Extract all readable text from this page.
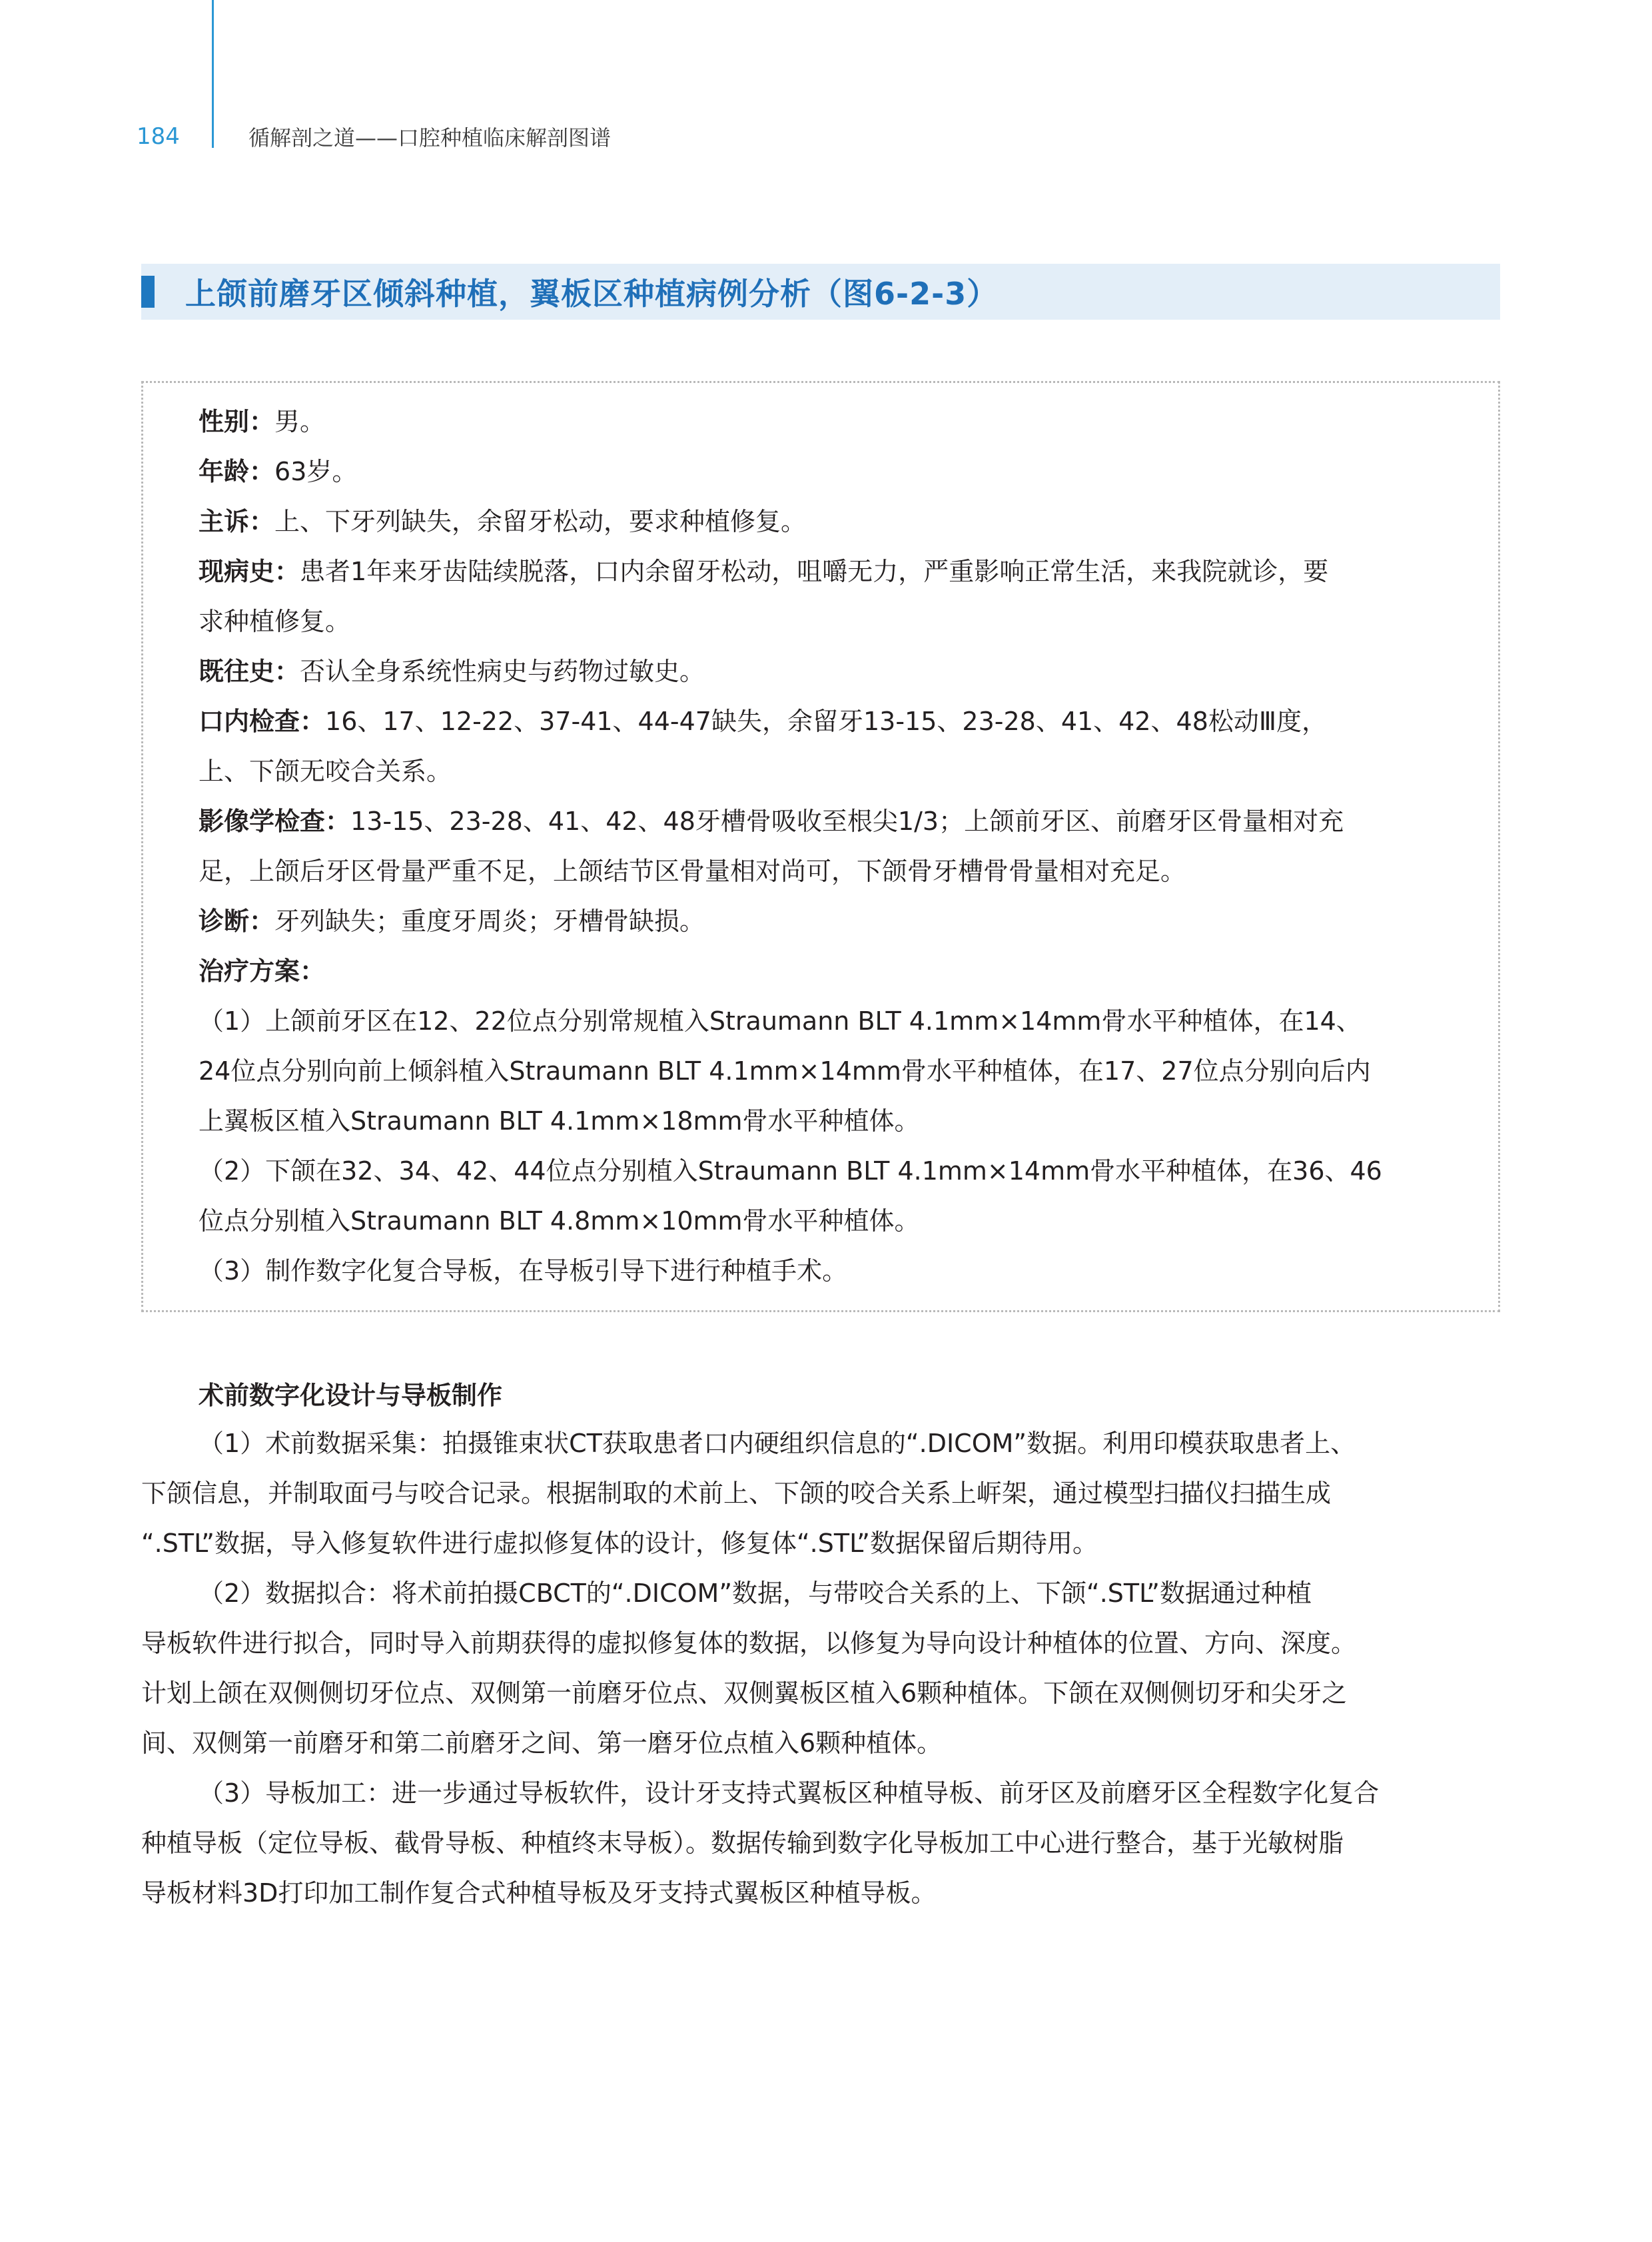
184	循解剖之道——口腔种植临床解剖图谱
上颌前磨牙区倾斜种植，翼板区种植病例分析（图6-2-3）

性别：男。

年龄：63岁。

主诉：上、下牙列缺失，余留牙松动，要求种植修复。

现病史：患者1年来牙齿陆续脱落，口内余留牙松动，咀嚼无力，严重影响正常生活，来我院就诊，要

求种植修复。

既往史：否认全身系统性病史与药物过敏史。

口内检查：16、17、12-22、37-41、44-47缺失，余留牙13-15、23-28、41、42、48松动Ⅲ度，

上、下颌无咬合关系。

影像学检查：13-15、23-28、41、42、48牙槽骨吸收至根尖1/3；上颌前牙区、前磨牙区骨量相对充

足，上颌后牙区骨量严重不足，上颌结节区骨量相对尚可，下颌骨牙槽骨骨量相对充足。

诊断：牙列缺失；重度牙周炎；牙槽骨缺损。

治疗方案：

（1）上颌前牙区在12、22位点分别常规植入Straumann BLT 4.1mm×14mm骨水平种植体，在14、

24位点分别向前上倾斜植入Straumann BLT 4.1mm×14mm骨水平种植体，在17、27位点分别向后内

上翼板区植入Straumann BLT 4.1mm×18mm骨水平种植体。

（2）下颌在32、34、42、44位点分别植入Straumann BLT 4.1mm×14mm骨水平种植体，在36、46

位点分别植入Straumann BLT 4.8mm×10mm骨水平种植体。

（3）制作数字化复合导板，在导板引导下进行种植手术。

术前数字化设计与导板制作

（1）术前数据采集：拍摄锥束状CT获取患者口内硬组织信息的“.DICOM”数据。利用印模获取患者上、

下颌信息，并制取面弓与咬合记录。根据制取的术前上、下颌的咬合关系上㟁架，通过模型扫描仪扫描生成

“.STL”数据，导入修复软件进行虚拟修复体的设计，修复体“.STL”数据保留后期待用。

（2）数据拟合：将术前拍摄CBCT的“.DICOM”数据，与带咬合关系的上、下颌“.STL”数据通过种植

导板软件进行拟合，同时导入前期获得的虚拟修复体的数据，以修复为导向设计种植体的位置、方向、深度。

计划上颌在双侧侧切牙位点、双侧第一前磨牙位点、双侧翼板区植入6颗种植体。下颌在双侧侧切牙和尖牙之

间、双侧第一前磨牙和第二前磨牙之间、第一磨牙位点植入6颗种植体。

（3）导板加工：进一步通过导板软件，设计牙支持式翼板区种植导板、前牙区及前磨牙区全程数字化复合

种植导板（定位导板、截骨导板、种植终末导板）。数据传输到数字化导板加工中心进行整合，基于光敏树脂

导板材料3D打印加工制作复合式种植导板及牙支持式翼板区种植导板。
